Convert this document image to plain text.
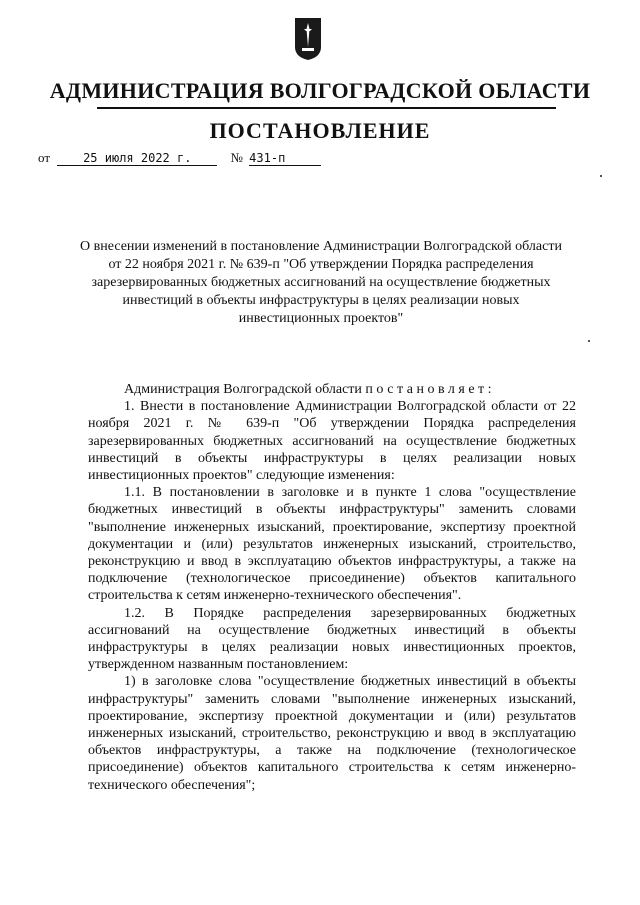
АДМИНИСТРАЦИЯ ВОЛГОГРАДСКОЙ ОБЛАСТИ
ПОСТАНОВЛЕНИЕ
от	25 июля 2022 г.	№ 431-п
О внесении изменений в постановление Администрации Волгоградской области от 22 ноября 2021 г. № 639-п "Об утверждении Порядка распределения зарезервированных бюджетных ассигнований на осуществление бюджетных инвестиций в объекты инфраструктуры в целях реализации новых инвестиционных проектов"

Администрация Волгоградской области постановляет:

1. Внести в постановление Администрации Волгоградской области от 22 ноября 2021 г. № 639-п "Об утверждении Порядка распределения зарезервированных бюджетных ассигнований на осуществление бюджетных инвестиций в объекты инфраструктуры в целях реализации новых инвестиционных проектов" следующие изменения:

1.1. В постановлении в заголовке и в пункте 1 слова "осуществление бюджетных инвестиций в объекты инфраструктуры" заменить словами "выполнение инженерных изысканий, проектирование, экспертизу проектной документации и (или) результатов инженерных изысканий, строительство, реконструкцию и ввод в эксплуатацию объектов инфраструктуры, а также на подключение (технологическое присоединение) объектов капитального строительства к сетям инженерно-технического обеспечения".

1.2. В Порядке распределения зарезервированных бюджетных ассигнований на осуществление бюджетных инвестиций в объекты инфраструктуры в целях реализации новых инвестиционных проектов, утвержденном названным постановлением:

1) в заголовке слова "осуществление бюджетных инвестиций в объекты инфраструктуры" заменить словами "выполнение инженерных изысканий, проектирование, экспертизу проектной документации и (или) результатов инженерных изысканий, строительство, реконструкцию и ввод в эксплуатацию объектов инфраструктуры, а также на подключение (технологическое присоединение) объектов капитального строительства к сетям инженерно-технического обеспечения";
